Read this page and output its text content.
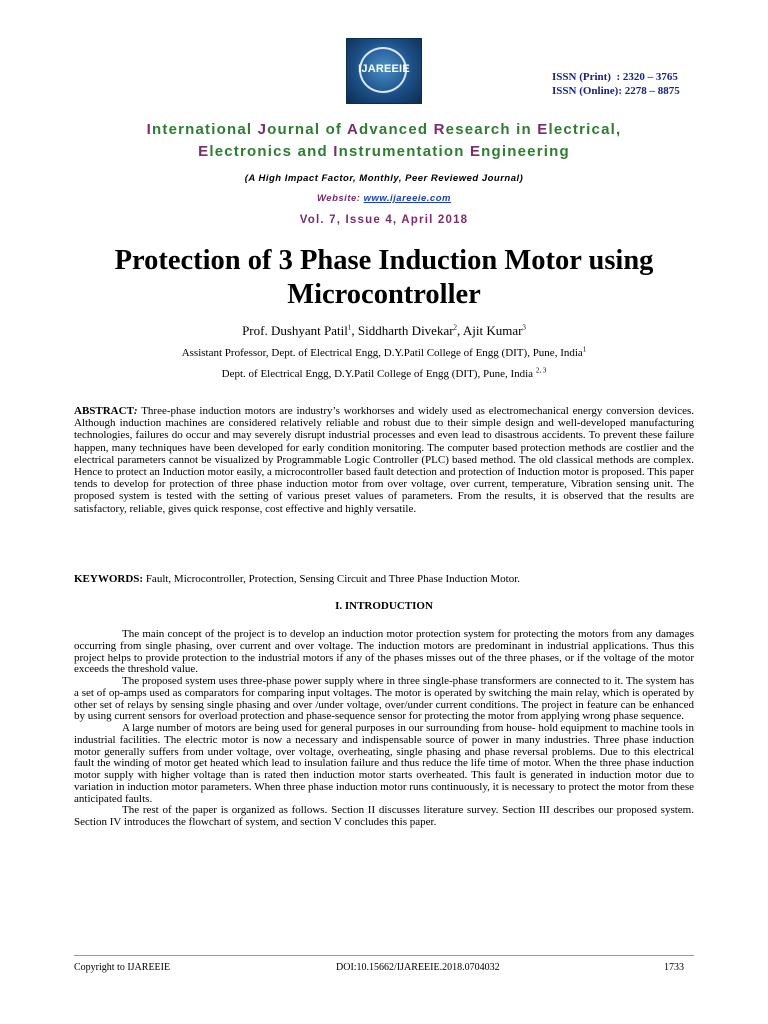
IJAREEIE
ISSN (Print)  : 2320 – 3765
ISSN (Online): 2278 – 8875
International Journal of Advanced Research in Electrical,
Electronics and Instrumentation Engineering
(A High Impact Factor, Monthly, Peer Reviewed Journal)
Website: www.ijareeie.com
Vol. 7, Issue 4, April 2018
Protection of 3 Phase Induction Motor using
Microcontroller
Prof. Dushyant Patil$^1$, Siddharth Divekar$^2$, Ajit Kumar$^3$
Assistant Professor, Dept. of Electrical Engg, D.Y.Patil College of Engg (DIT), Pune, India$^1$
Dept. of Electrical Engg, D.Y.Patil College of Engg (DIT), Pune, India $^{2, 3}$
ABSTRACT: Three-phase induction motors are industry’s workhorses and widely used as electromechanical energy conversion devices. Although induction machines are considered relatively reliable and robust due to their simple design and well-developed manufacturing technologies, failures do occur and may severely disrupt industrial processes and even lead to disastrous accidents. To prevent these failure happen, many techniques have been developed for early condition monitoring. The computer based protection methods are costlier and the electrical parameters cannot be visualized by Programmable Logic Controller (PLC) based method. The old classical methods are complex. Hence to protect an Induction motor easily, a microcontroller based fault detection and protection of Induction motor is proposed. This paper tends to develop for protection of three phase induction motor from over voltage, over current, temperature, Vibration sensing unit. The proposed system is tested with the setting of various preset values of parameters. From the results, it is observed that the results are satisfactory, reliable, gives quick response, cost effective and highly versatile.
KEYWORDS: Fault, Microcontroller, Protection, Sensing Circuit and Three Phase Induction Motor.
I. INTRODUCTION

The main concept of the project is to develop an induction motor protection system for protecting the motors from any damages occurring from single phasing, over current and over voltage. The induction motors are predominant in industrial applications. Thus this project helps to provide protection to the industrial motors if any of the phases misses out of the three phases, or if the voltage of the motor exceeds the threshold value.

The proposed system uses three-phase power supply where in three single-phase transformers are connected to it. The system has a set of op-amps used as comparators for comparing input voltages. The motor is operated by switching the main relay, which is operated by other set of relays by sensing single phasing and over /under voltage, over/under current conditions. The project in feature can be enhanced by using current sensors for overload protection and phase-sequence sensor for protecting the motor from applying wrong phase sequence.

A large number of motors are being used for general purposes in our surrounding from house- hold equipment to machine tools in industrial facilities. The electric motor is now a necessary and indispensable source of power in many industries. Three phase induction motor generally suffers from under voltage, over voltage, overheating, single phasing and phase reversal problems. Due to this electrical fault the winding of motor get heated which lead to insulation failure and thus reduce the life time of motor. When the three phase induction motor supply with higher voltage than is rated then induction motor starts overheated. This fault is generated in induction motor due to variation in induction motor parameters. When three phase induction motor runs continuously, it is necessary to protect the motor from these anticipated faults.

The rest of the paper is organized as follows. Section II discusses literature survey. Section III describes our proposed system. Section IV introduces the flowchart of system, and section V concludes this paper.

Copyright to IJAREEIE	DOI:10.15662/IJAREEIE.2018.0704032	1733
